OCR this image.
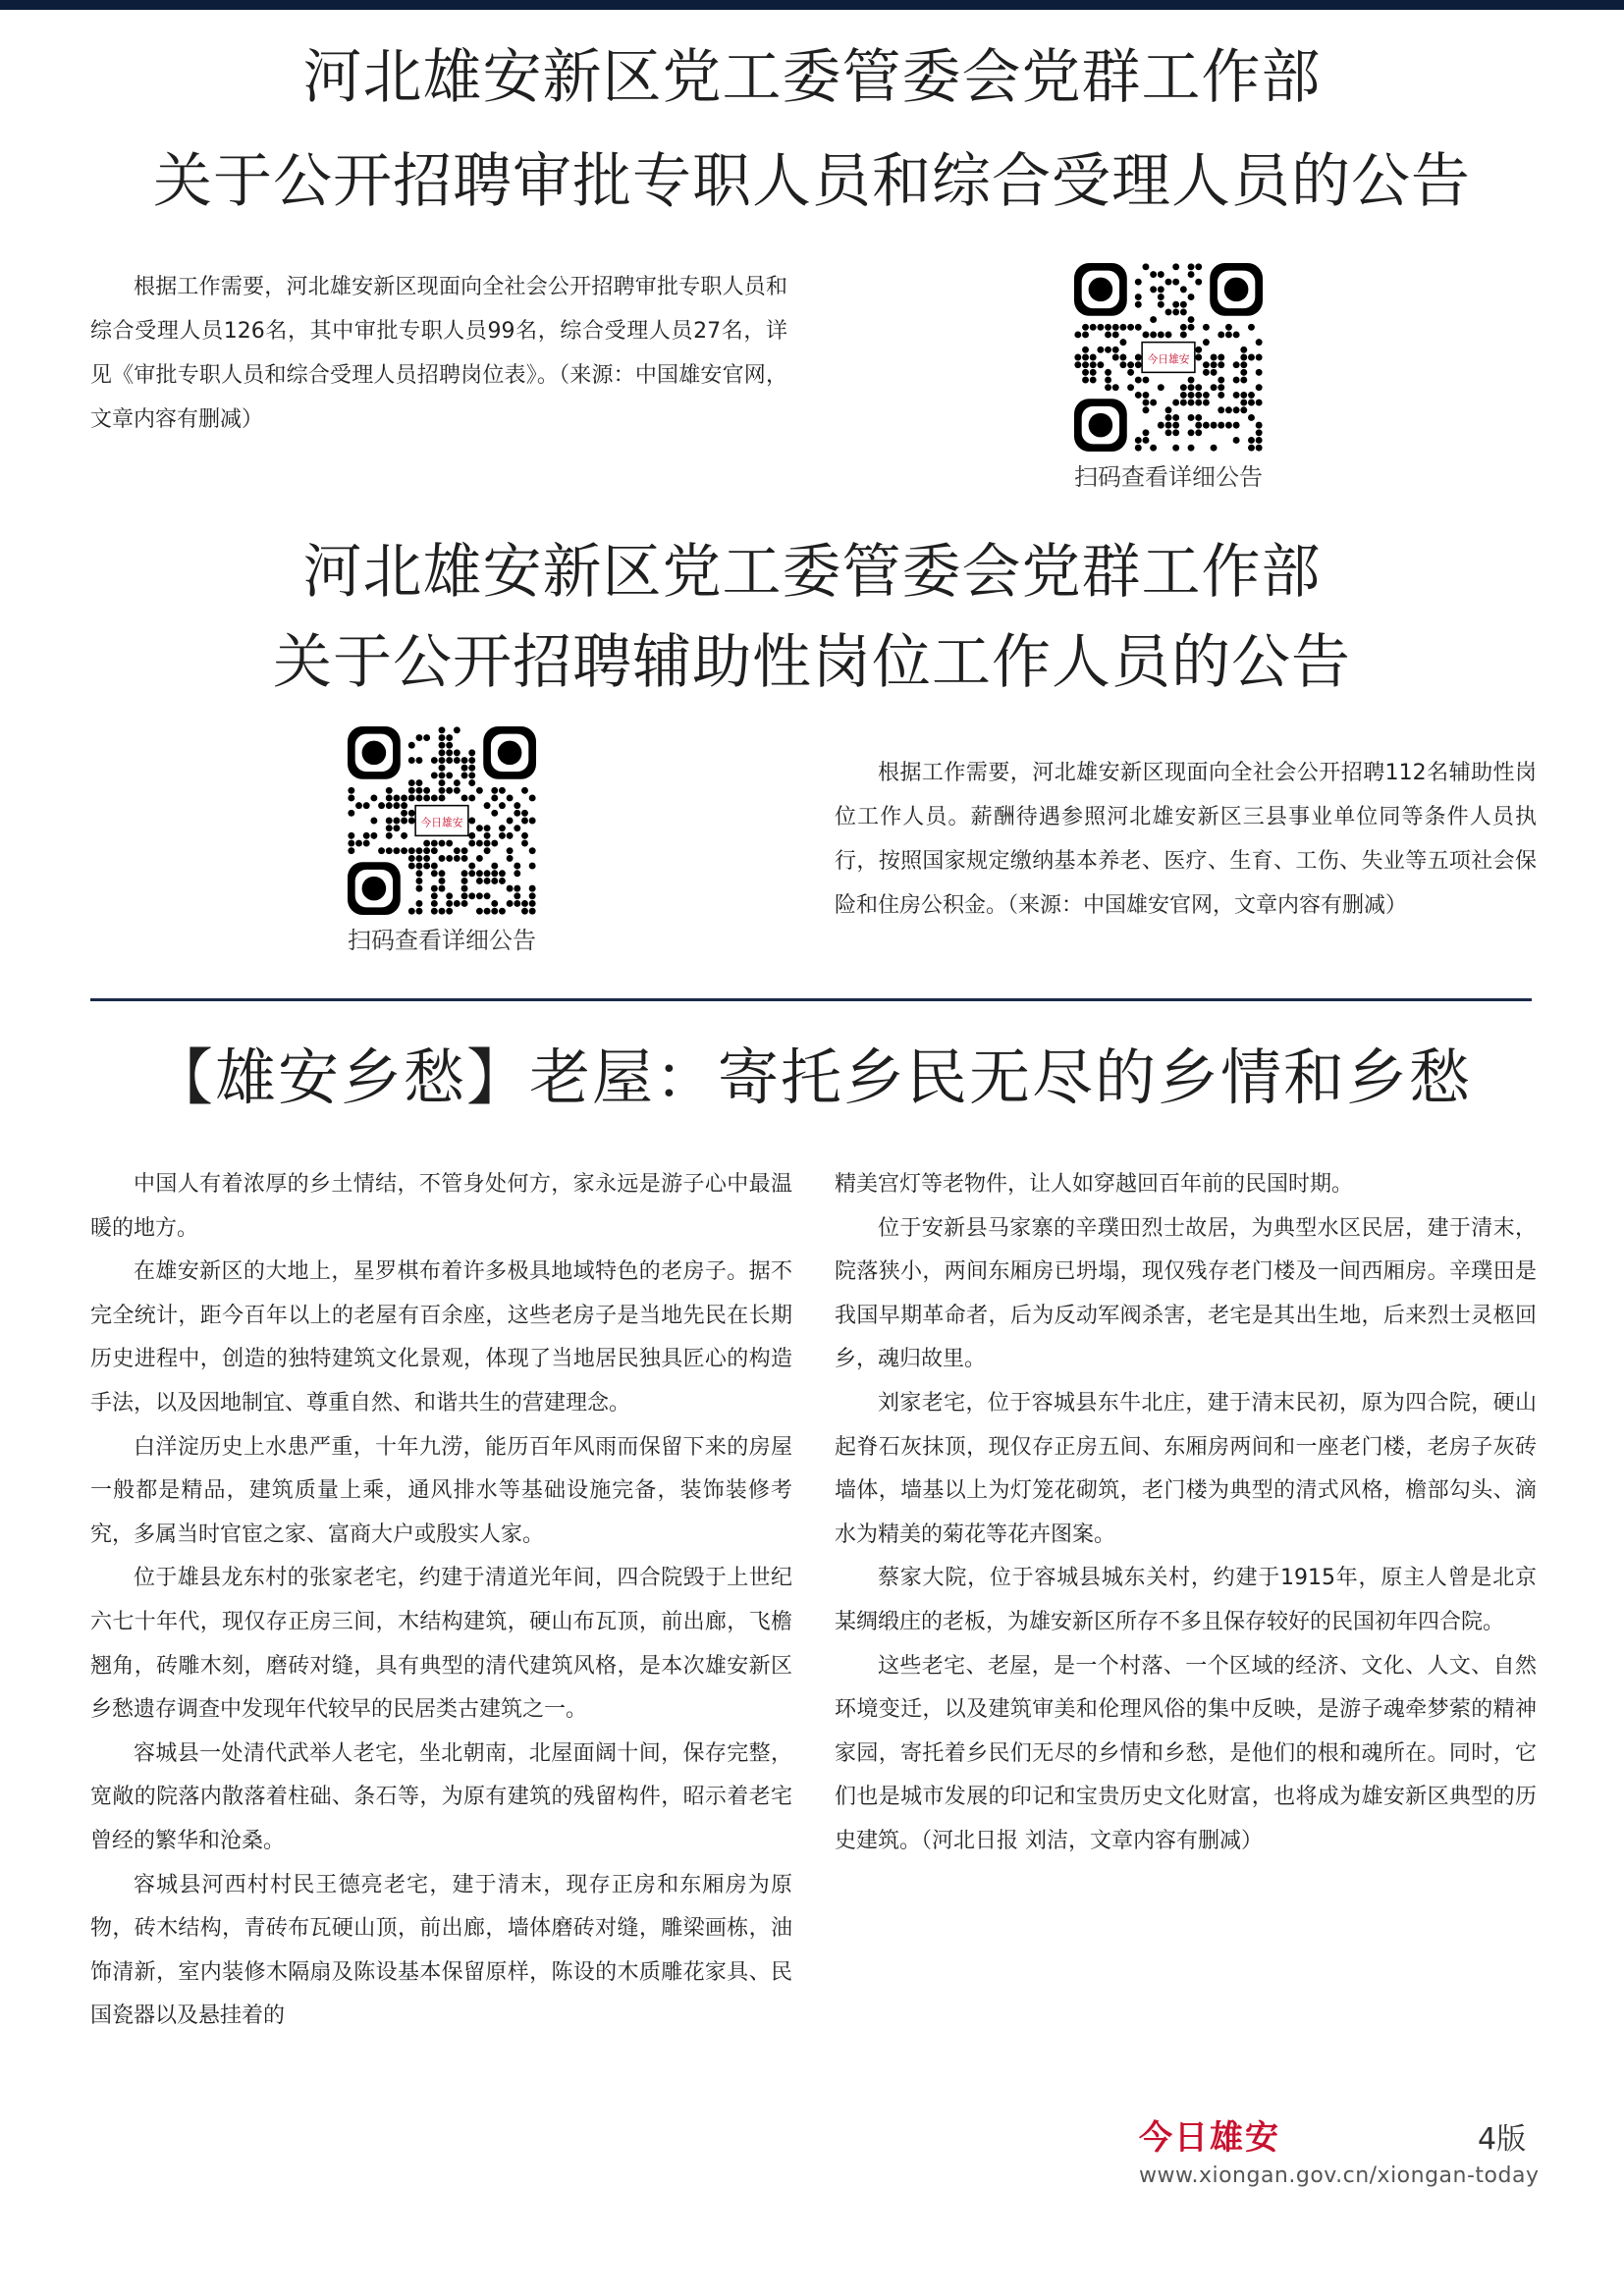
河北雄安新区党工委管委会党群工作部
关于公开招聘审批专职人员和综合受理人员的公告

根据工作需要，河北雄安新区现面向全社会公开招聘审批专职人员和综合受理人员126名，其中审批专职人员99名，综合受理人员27名，详见《审批专职人员和综合受理人员招聘岗位表》。（来源：中国雄安官网，文章内容有删减）

今日雄安
扫码查看详细公告
河北雄安新区党工委管委会党群工作部
关于公开招聘辅助性岗位工作人员的公告
今日雄安
扫码查看详细公告

根据工作需要，河北雄安新区现面向全社会公开招聘112名辅助性岗位工作人员。薪酬待遇参照河北雄安新区三县事业单位同等条件人员执行，按照国家规定缴纳基本养老、医疗、生育、工伤、失业等五项社会保险和住房公积金。（来源：中国雄安官网，文章内容有删减）

【雄安乡愁】老屋：寄托乡民无尽的乡情和乡愁

中国人有着浓厚的乡土情结，不管身处何方，家永远是游子心中最温暖的地方。

在雄安新区的大地上，星罗棋布着许多极具地域特色的老房子。据不完全统计，距今百年以上的老屋有百余座，这些老房子是当地先民在长期历史进程中，创造的独特建筑文化景观，体现了当地居民独具匠心的构造手法，以及因地制宜、尊重自然、和谐共生的营建理念。

白洋淀历史上水患严重，十年九涝，能历百年风雨而保留下来的房屋一般都是精品，建筑质量上乘，通风排水等基础设施完备，装饰装修考究，多属当时官宦之家、富商大户或殷实人家。

位于雄县龙东村的张家老宅，约建于清道光年间，四合院毁于上世纪六七十年代，现仅存正房三间，木结构建筑，硬山布瓦顶，前出廊，飞檐翘角，砖雕木刻，磨砖对缝，具有典型的清代建筑风格，是本次雄安新区乡愁遗存调查中发现年代较早的民居类古建筑之一。

容城县一处清代武举人老宅，坐北朝南，北屋面阔十间，保存完整，宽敞的院落内散落着柱础、条石等，为原有建筑的残留构件，昭示着老宅曾经的繁华和沧桑。

容城县河西村村民王德亮老宅，建于清末，现存正房和东厢房为原物，砖木结构，青砖布瓦硬山顶，前出廊，墙体磨砖对缝，雕梁画栋，油饰清新，室内装修木隔扇及陈设基本保留原样，陈设的木质雕花家具、民国瓷器以及悬挂着的

精美宫灯等老物件，让人如穿越回百年前的民国时期。

位于安新县马家寨的辛璞田烈士故居，为典型水区民居，建于清末，院落狭小，两间东厢房已坍塌，现仅残存老门楼及一间西厢房。辛璞田是我国早期革命者，后为反动军阀杀害，老宅是其出生地，后来烈士灵柩回乡，魂归故里。

刘家老宅，位于容城县东牛北庄，建于清末民初，原为四合院，硬山起脊石灰抹顶，现仅存正房五间、东厢房两间和一座老门楼，老房子灰砖墙体，墙基以上为灯笼花砌筑，老门楼为典型的清式风格，檐部勾头、滴水为精美的菊花等花卉图案。

蔡家大院，位于容城县城东关村，约建于1915年，原主人曾是北京某绸缎庄的老板，为雄安新区所存不多且保存较好的民国初年四合院。

这些老宅、老屋，是一个村落、一个区域的经济、文化、人文、自然环境变迁，以及建筑审美和伦理风俗的集中反映，是游子魂牵梦萦的精神家园，寄托着乡民们无尽的乡情和乡愁，是他们的根和魂所在。同时，它们也是城市发展的印记和宝贵历史文化财富，也将成为雄安新区典型的历史建筑。（河北日报 刘洁，文章内容有删减）

今日雄安	4版
www.xiongan.gov.cn/xiongan-today
